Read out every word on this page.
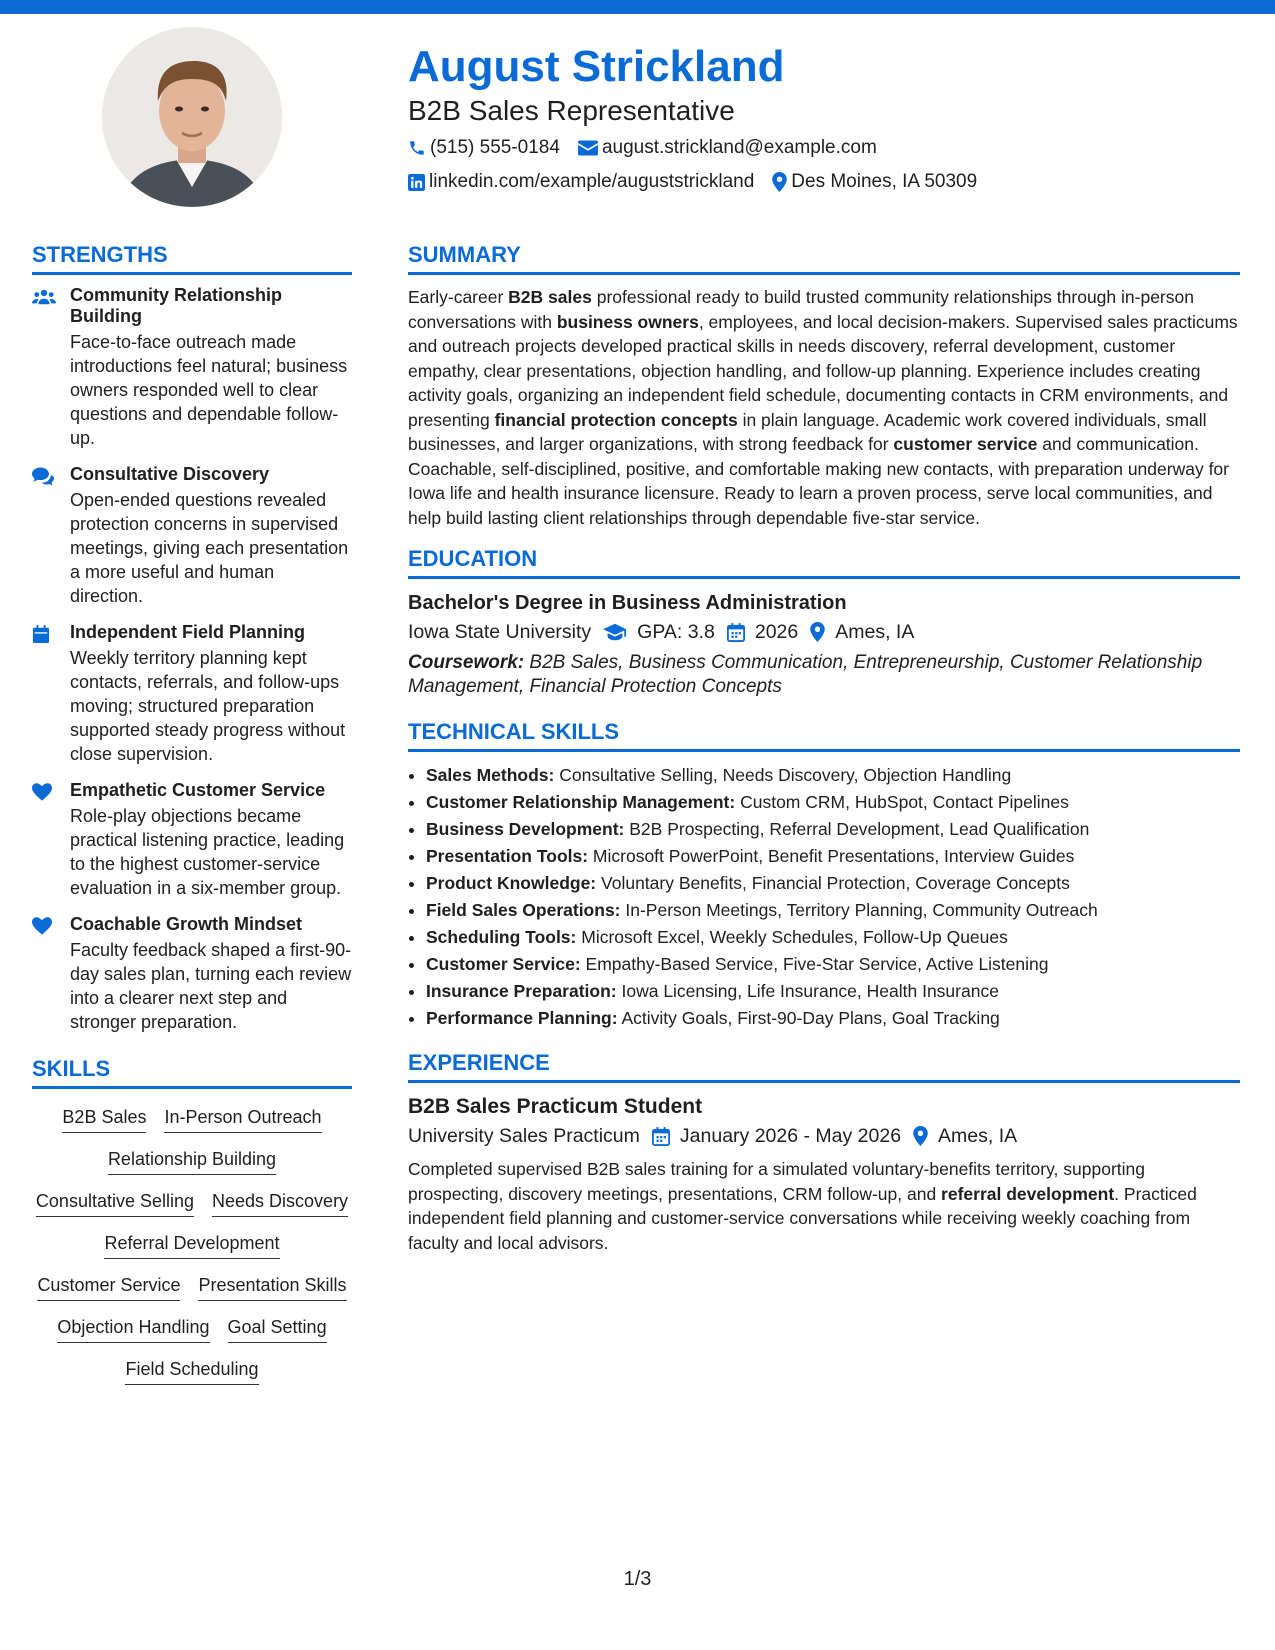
August Strickland
B2B Sales Representative
(515) 555-0184 august.strickland@example.com
linkedin.com/example/auguststrickland Des Moines, IA 50309
STRENGTHS
Community Relationship Building
Face-to-face outreach made introductions feel natural; business owners responded well to clear questions and dependable follow-up.
Consultative Discovery
Open-ended questions revealed protection concerns in supervised meetings, giving each presentation a more useful and human direction.
Independent Field Planning
Weekly territory planning kept contacts, referrals, and follow-ups moving; structured preparation supported steady progress without close supervision.
Empathetic Customer Service
Role-play objections became practical listening practice, leading to the highest customer-service evaluation in a six-member group.
Coachable Growth Mindset
Faculty feedback shaped a first-90-day sales plan, turning each review into a clearer next step and stronger preparation.
SKILLS
B2B Sales In-Person Outreach
Relationship Building
Consultative Selling Needs Discovery
Referral Development
Customer Service Presentation Skills
Objection Handling Goal Setting
Field Scheduling
SUMMARY

Early-career B2B sales professional ready to build trusted community relationships through in-person conversations with business owners, employees, and local decision-makers. Supervised sales practicums and outreach projects developed practical skills in needs discovery, referral development, customer empathy, clear presentations, objection handling, and follow-up planning. Experience includes creating activity goals, organizing an independent field schedule, documenting contacts in CRM environments, and presenting financial protection concepts in plain language. Academic work covered individuals, small businesses, and larger organizations, with strong feedback for customer service and communication. Coachable, self-disciplined, positive, and comfortable making new contacts, with preparation underway for Iowa life and health insurance licensure. Ready to learn a proven process, serve local communities, and help build lasting client relationships through dependable five-star service.

EDUCATION
Bachelor's Degree in Business Administration
Iowa State University GPA: 3.8 2026 Ames, IA
Coursework: B2B Sales, Business Communication, Entrepreneurship, Customer Relationship Management, Financial Protection Concepts
TECHNICAL SKILLS
• Sales Methods: Consultative Selling, Needs Discovery, Objection Handling
• Customer Relationship Management: Custom CRM, HubSpot, Contact Pipelines
• Business Development: B2B Prospecting, Referral Development, Lead Qualification
• Presentation Tools: Microsoft PowerPoint, Benefit Presentations, Interview Guides
• Product Knowledge: Voluntary Benefits, Financial Protection, Coverage Concepts
• Field Sales Operations: In-Person Meetings, Territory Planning, Community Outreach
• Scheduling Tools: Microsoft Excel, Weekly Schedules, Follow-Up Queues
• Customer Service: Empathy-Based Service, Five-Star Service, Active Listening
• Insurance Preparation: Iowa Licensing, Life Insurance, Health Insurance
• Performance Planning: Activity Goals, First-90-Day Plans, Goal Tracking
EXPERIENCE
B2B Sales Practicum Student
University Sales Practicum January 2026 - May 2026 Ames, IA

Completed supervised B2B sales training for a simulated voluntary-benefits territory, supporting prospecting, discovery meetings, presentations, CRM follow-up, and referral development. Practiced independent field planning and customer-service conversations while receiving weekly coaching from faculty and local advisors.

1/3
